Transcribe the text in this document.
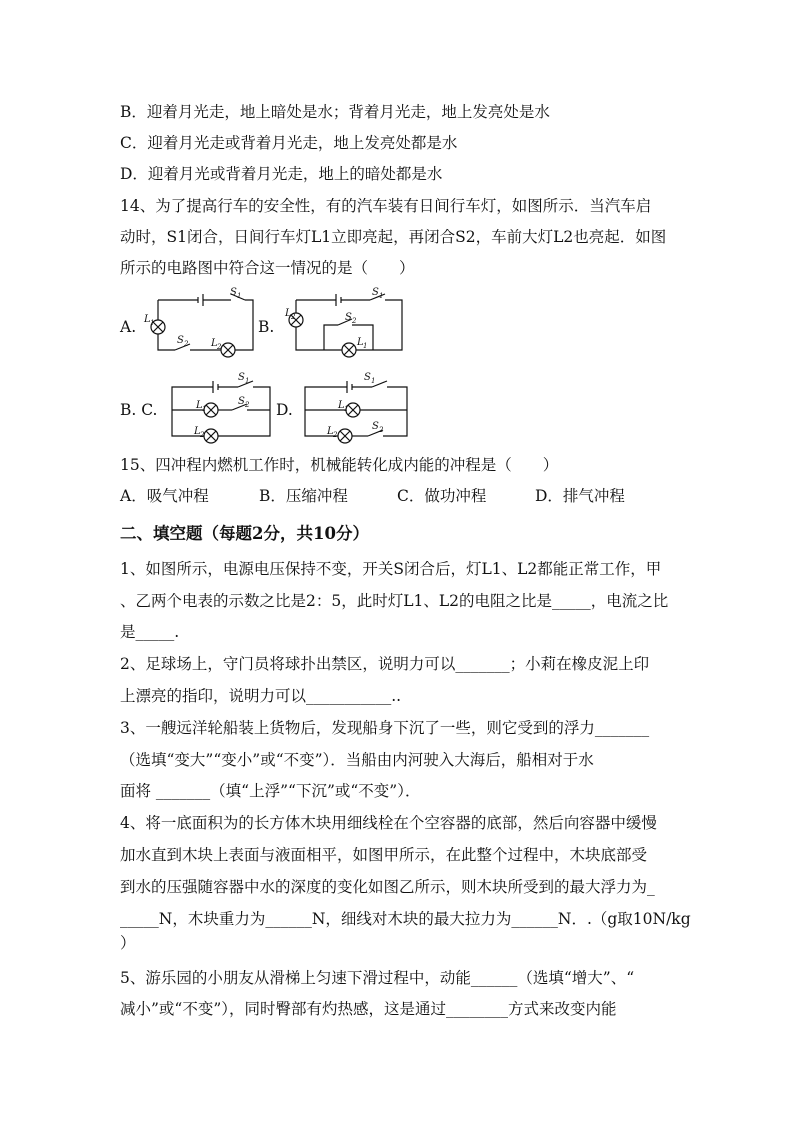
B．迎着月光走，地上暗处是水；背着月光走，地上发亮处是水
C．迎着月光走或背着月光走，地上发亮处都是水
D．迎着月光或背着月光走，地上的暗处都是水
14、为了提高行车的安全性，有的汽车装有日间行车灯，如图所示．当汽车启
动时，S1闭合，日间行车灯L1立即亮起，再闭合S2，车前大灯L2也亮起．如图
所示的电路图中符合这一情况的是（　　）
A.	B.
B. C.	D.
S 1
L 1
S 2 L 2
S 1
L 2	S 2
L 1
S 1
L 1
S 2
L 2
S 1
L 1
L 2
S 2
15、四冲程内燃机工作时，机械能转化成内能的冲程是（　　）
A．吸气冲程	B．压缩冲程	C．做功冲程	D．排气冲程
二、填空题（每题2分，共10分）
1、如图所示，电源电压保持不变，开关S闭合后，灯L1、L2都能正常工作，甲
、乙两个电表的示数之比是2：5，此时灯L1、L2的电阻之比是_____，电流之比
是_____.
2、足球场上，守门员将球扑出禁区，说明力可以_______；小莉在橡皮泥上印
上漂亮的指印，说明力可以___________..
3、一艘远洋轮船装上货物后，发现船身下沉了一些，则它受到的浮力_______
（选填“变大”“变小”或“不变”）．当船由内河驶入大海后，船相对于水
面将 _______（填“上浮”“下沉”或“不变”）．
4、将一底面积为的长方体木块用细线栓在个空容器的底部，然后向容器中缓慢
加水直到木块上表面与液面相平，如图甲所示，在此整个过程中，木块底部受
到水的压强随容器中水的深度的变化如图乙所示，则木块所受到的最大浮力为_
_____N，木块重力为______N，细线对木块的最大拉力为______N．.（g取10N/kg
）
5、游乐园的小朋友从滑梯上匀速下滑过程中，动能______（选填“增大”、“
减小”或“不变”），同时臀部有灼热感，这是通过________方式来改变内能
